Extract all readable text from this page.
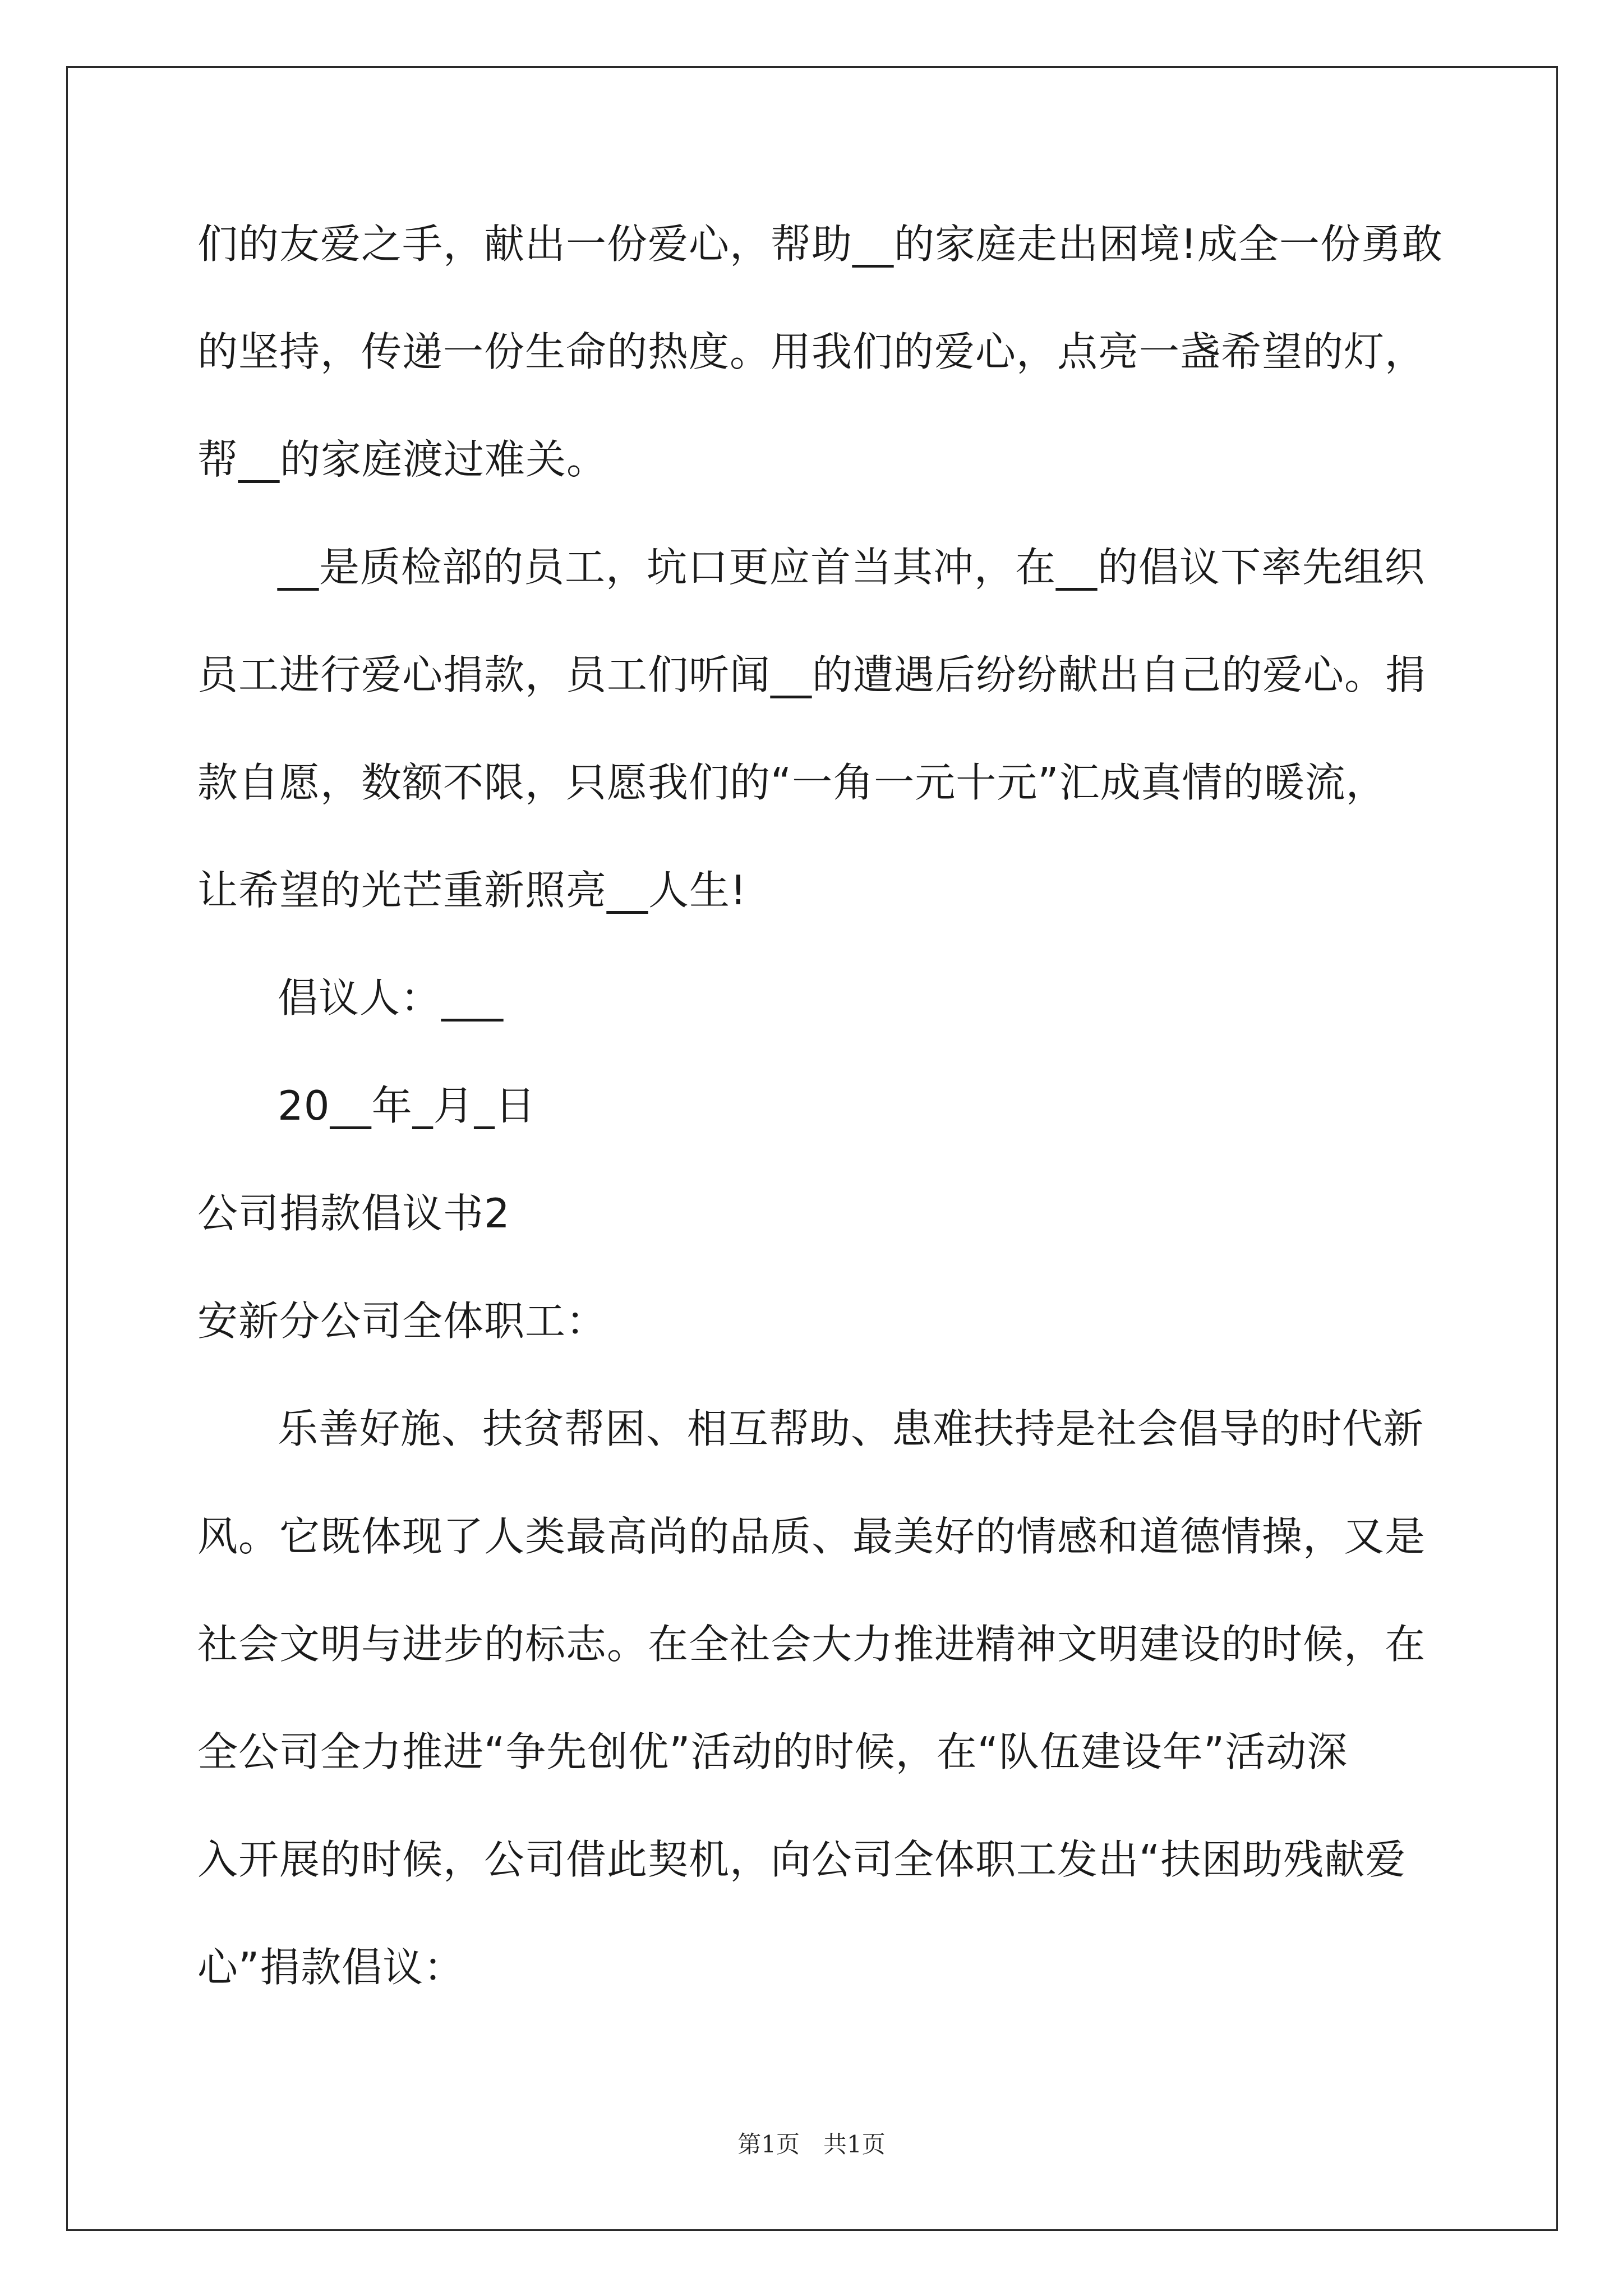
们的友爱之手，献出一份爱心，帮助__的家庭走出困境!成全一份勇敢
的坚持，传递一份生命的热度。用我们的爱心，点亮一盏希望的灯，
帮__的家庭渡过难关。
__是质检部的员工，坑口更应首当其冲，在__的倡议下率先组织
员工进行爱心捐款，员工们听闻__的遭遇后纷纷献出自己的爱心。捐
款自愿，数额不限，只愿我们的“一角一元十元”汇成真情的暖流，
让希望的光芒重新照亮__人生!
倡议人：___
20__年_月_日
公司捐款倡议书2
安新分公司全体职工：
乐善好施、扶贫帮困、相互帮助、患难扶持是社会倡导的时代新
风。它既体现了人类最高尚的品质、最美好的情感和道德情操，又是
社会文明与进步的标志。在全社会大力推进精神文明建设的时候，在
全公司全力推进“争先创优”活动的时候，在“队伍建设年”活动深
入开展的时候，公司借此契机，向公司全体职工发出“扶困助残献爱
心”捐款倡议：
第1页　共1页
